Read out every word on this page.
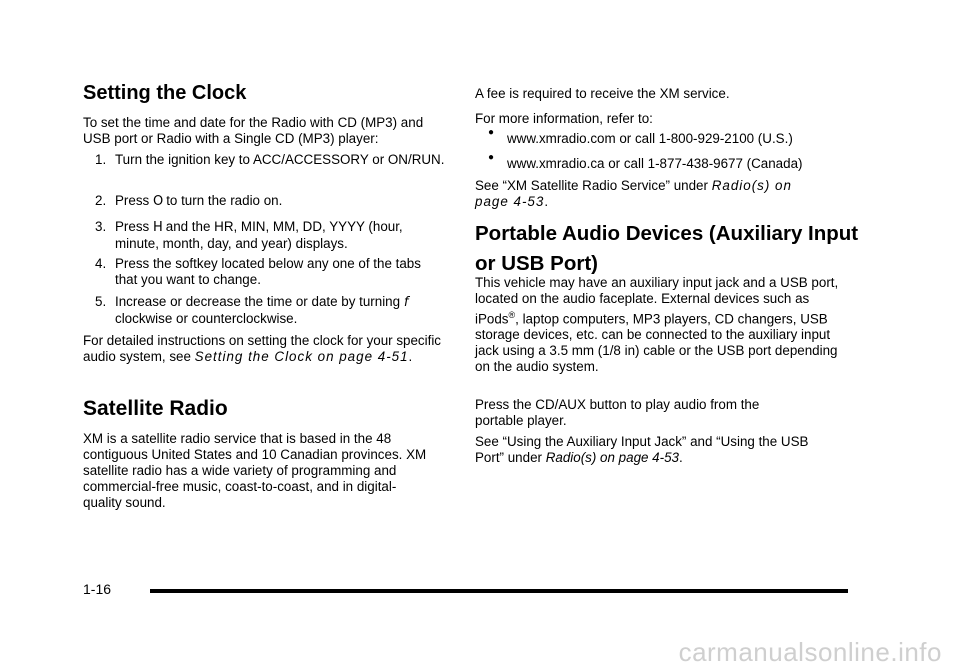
Setting the Clock

To set the time and date for the Radio with CD (MP3) and USB port or Radio with a Single CD (MP3) player:

1. Turn the ignition key to ACC/ACCESSORY or ON/RUN.
2. Press O to turn the radio on.
3. Press H and the HR, MIN, MM, DD, YYYY (hour, minute, month, day, and year) displays.
4. Press the softkey located below any one of the tabs that you want to change.
5. Increase or decrease the time or date by turning fclockwise or counterclockwise.

For detailed instructions on setting the clock for your specific audio system, see Setting the Clock on page 4-51.

Satellite Radio

XM is a satellite radio service that is based in the 48 contiguous United States and 10 Canadian provinces. XM satellite radio has a wide variety of programming and commercial-free music, coast-to-coast, and in digital-quality sound.

A fee is required to receive the XM service.

For more information, refer to:

● www.xmradio.com or call 1-800-929-2100 (U.S.)
● www.xmradio.ca or call 1-877-438-9677 (Canada)

See “XM Satellite Radio Service” under Radio(s) on page 4-53.

Portable Audio Devices (Auxiliary Input or USB Port)

This vehicle may have an auxiliary input jack and a USB port, located on the audio faceplate. External devices such as iPods®, laptop computers, MP3 players, CD changers, USB storage devices, etc. can be connected to the auxiliary input jack using a 3.5 mm (1/8 in) cable or the USB port depending on the audio system.

Press the CD/AUX button to play audio from the portable player.

See “Using the Auxiliary Input Jack” and “Using the USB Port” under Radio(s) on page 4-53.

1-16
carmanualsonline.info
